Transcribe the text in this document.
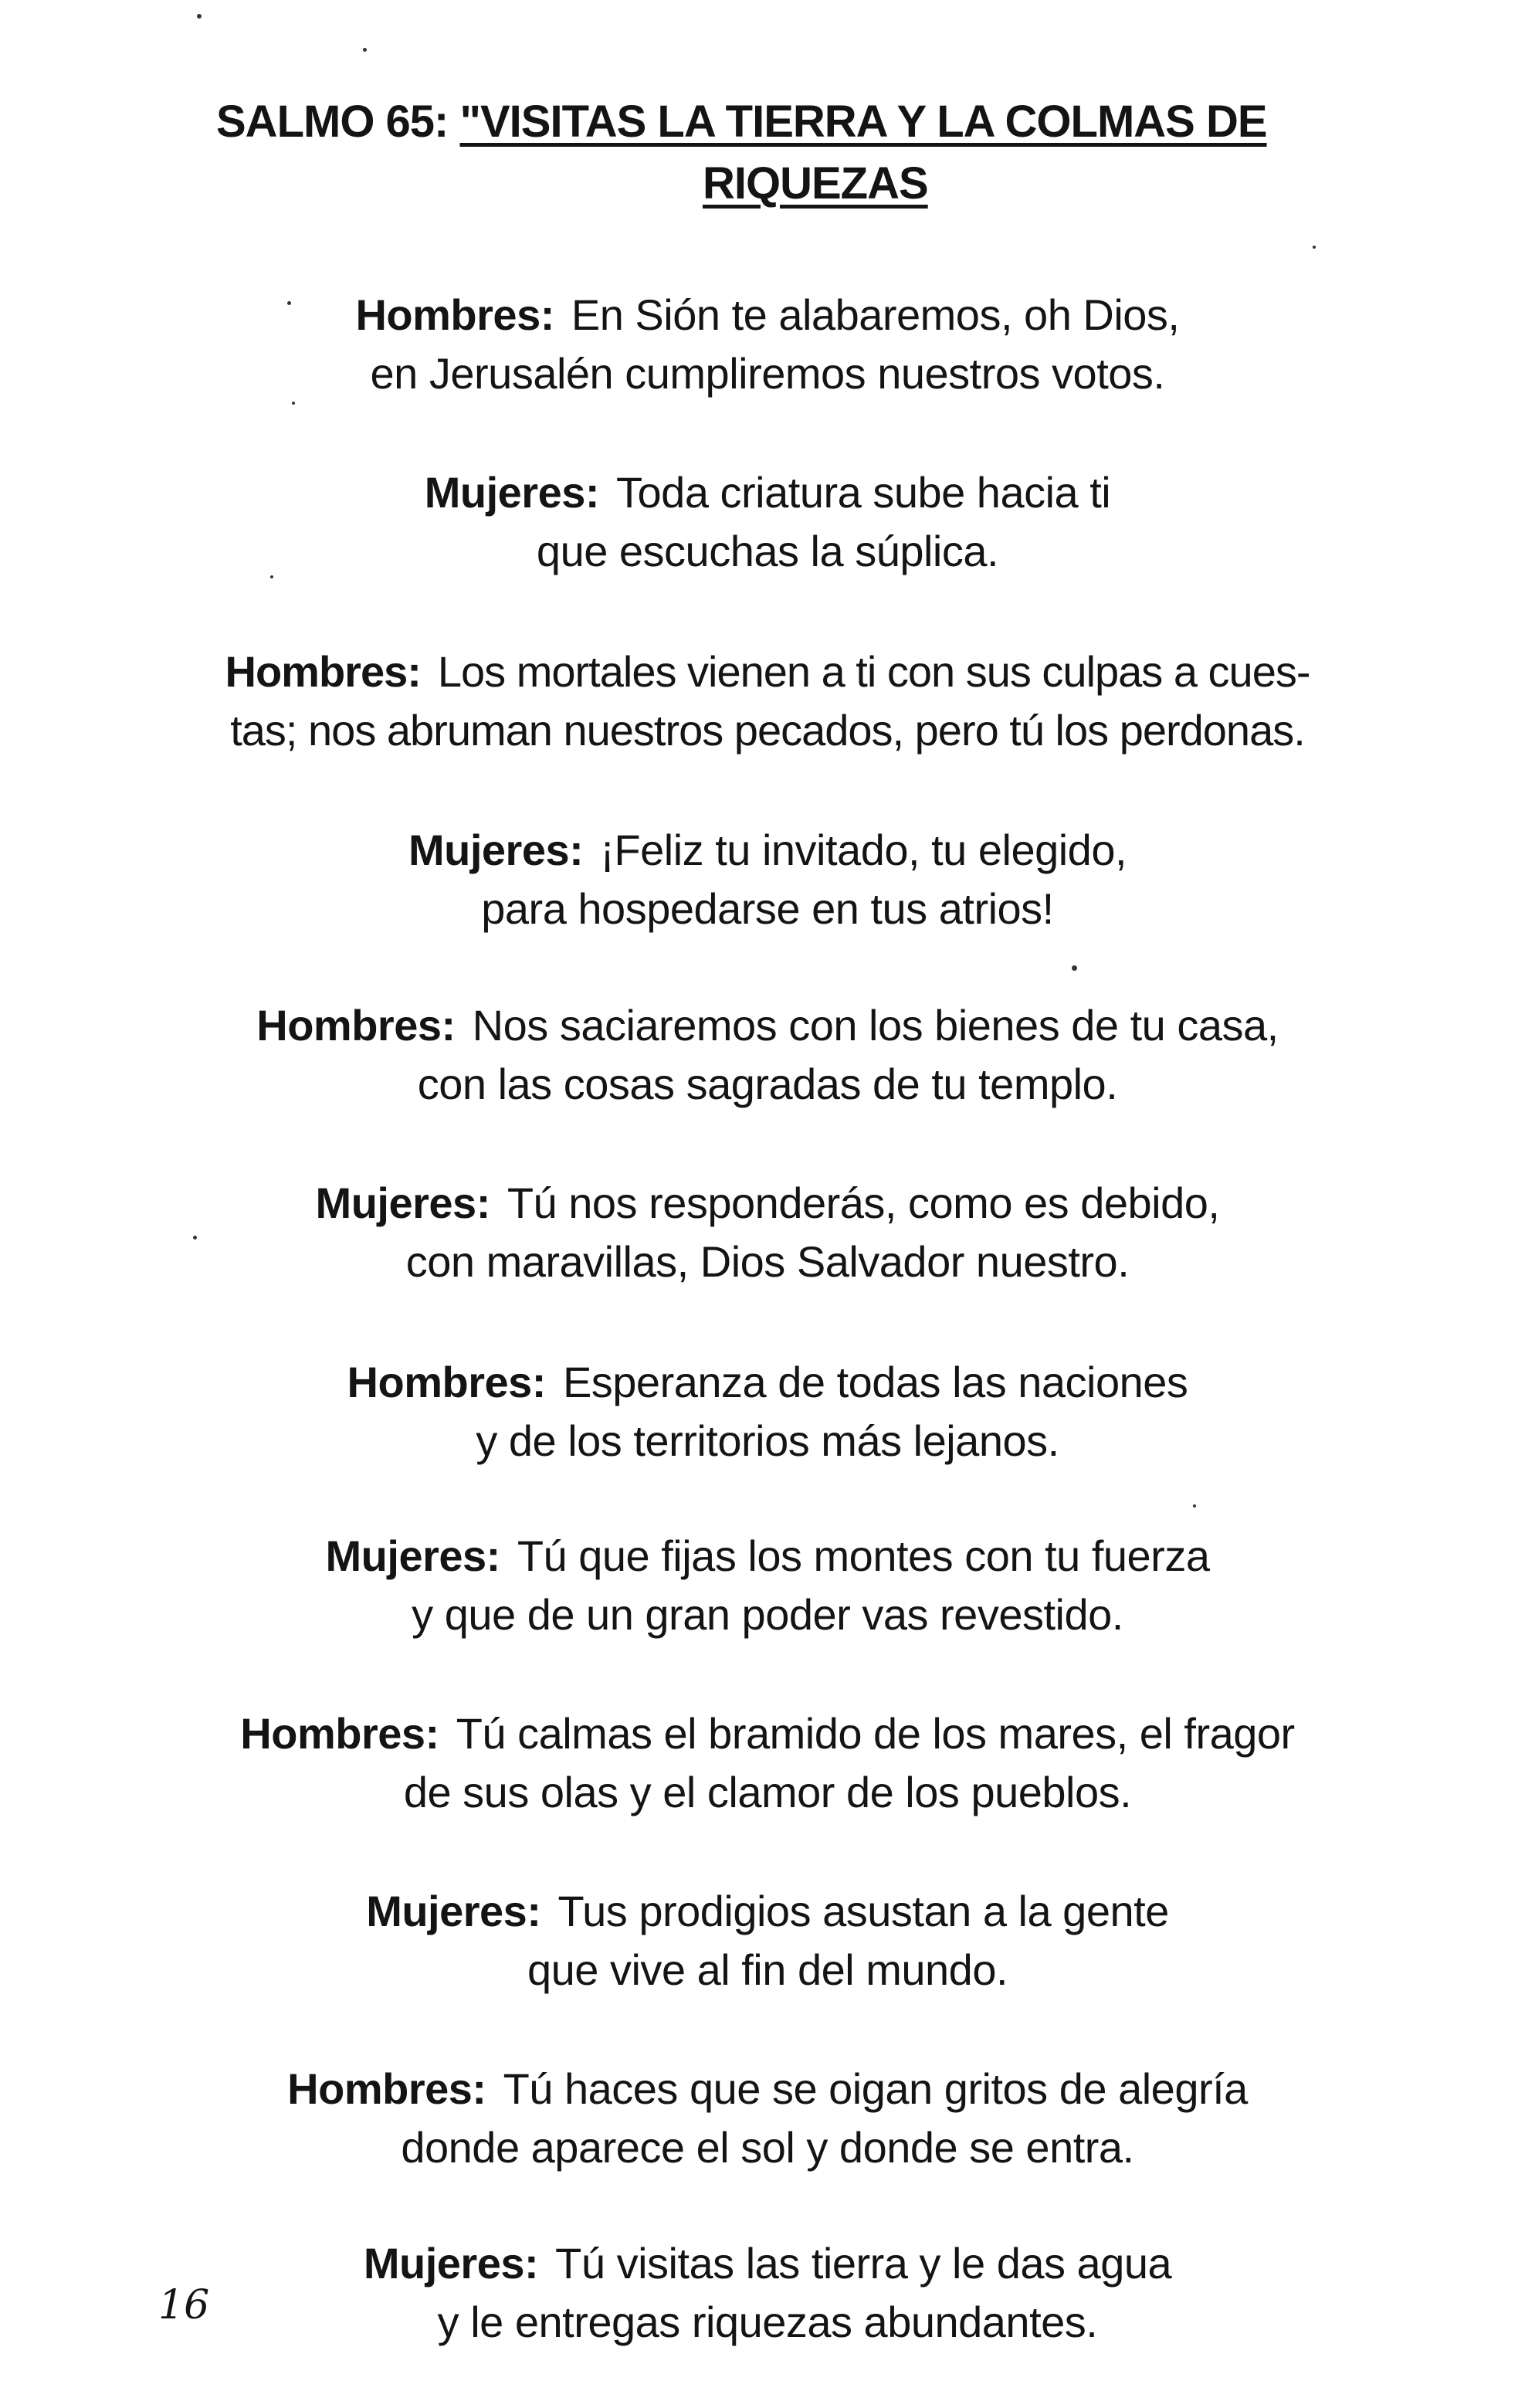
SALMO 65: "VISITAS LA TIERRA Y LA COLMAS DE
RIQUEZAS
Hombres: En Sión te alabaremos, oh Dios,
en Jerusalén cumpliremos nuestros votos.
Mujeres: Toda criatura sube hacia ti
que escuchas la súplica.
Hombres: Los mortales vienen a ti con sus culpas a cues-
tas; nos abruman nuestros pecados, pero tú los perdonas.
Mujeres: ¡Feliz tu invitado, tu elegido,
para hospedarse en tus atrios!
Hombres: Nos saciaremos con los bienes de tu casa,
con las cosas sagradas de tu templo.
Mujeres: Tú nos responderás, como es debido,
con maravillas, Dios Salvador nuestro.
Hombres: Esperanza de todas las naciones
y de los territorios más lejanos.
Mujeres: Tú que fijas los montes con tu fuerza
y que de un gran poder vas revestido.
Hombres: Tú calmas el bramido de los mares, el fragor
de sus olas y el clamor de los pueblos.
Mujeres: Tus prodigios asustan a la gente
que vive al fin del mundo.
Hombres: Tú haces que se oigan gritos de alegría
donde aparece el sol y donde se entra.
Mujeres: Tú visitas las tierra y le das agua
y le entregas riquezas abundantes.
16
